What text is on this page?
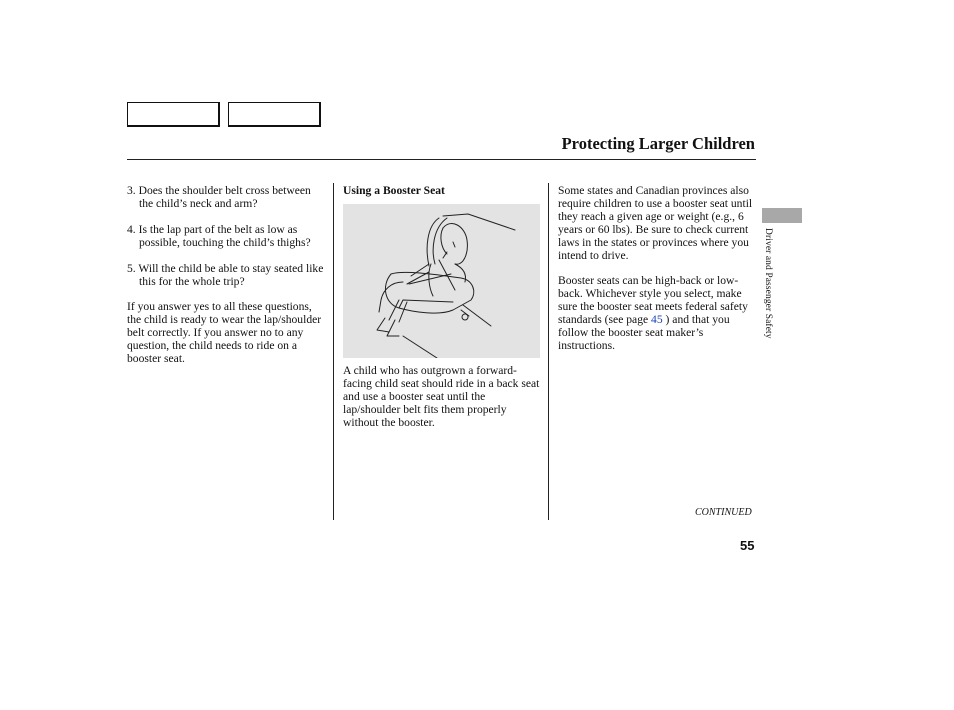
Protecting Larger Children

3. Does the shoulder belt cross between the child’s neck and arm?

4. Is the lap part of the belt as low as possible, touching the child’s thighs?

5. Will the child be able to stay seated like this for the whole trip?

If you answer yes to all these questions, the child is ready to wear the lap/shoulder belt correctly. If you answer no to any question, the child needs to ride on a booster seat.

Using a Booster Seat

A child who has outgrown a forward-facing child seat should ride in a back seat and use a booster seat until the lap/shoulder belt fits them properly without the booster.

Some states and Canadian provinces also require children to use a booster seat until they reach a given age or weight (e.g., 6 years or 60 lbs). Be sure to check current laws in the states or provinces where you intend to drive.

Booster seats can be high-back or low-back. Whichever style you select, make sure the booster seat meets federal safety standards (see page 45 ) and that you follow the booster seat maker’s instructions.

CONTINUED
55
Driver and Passenger Safety
